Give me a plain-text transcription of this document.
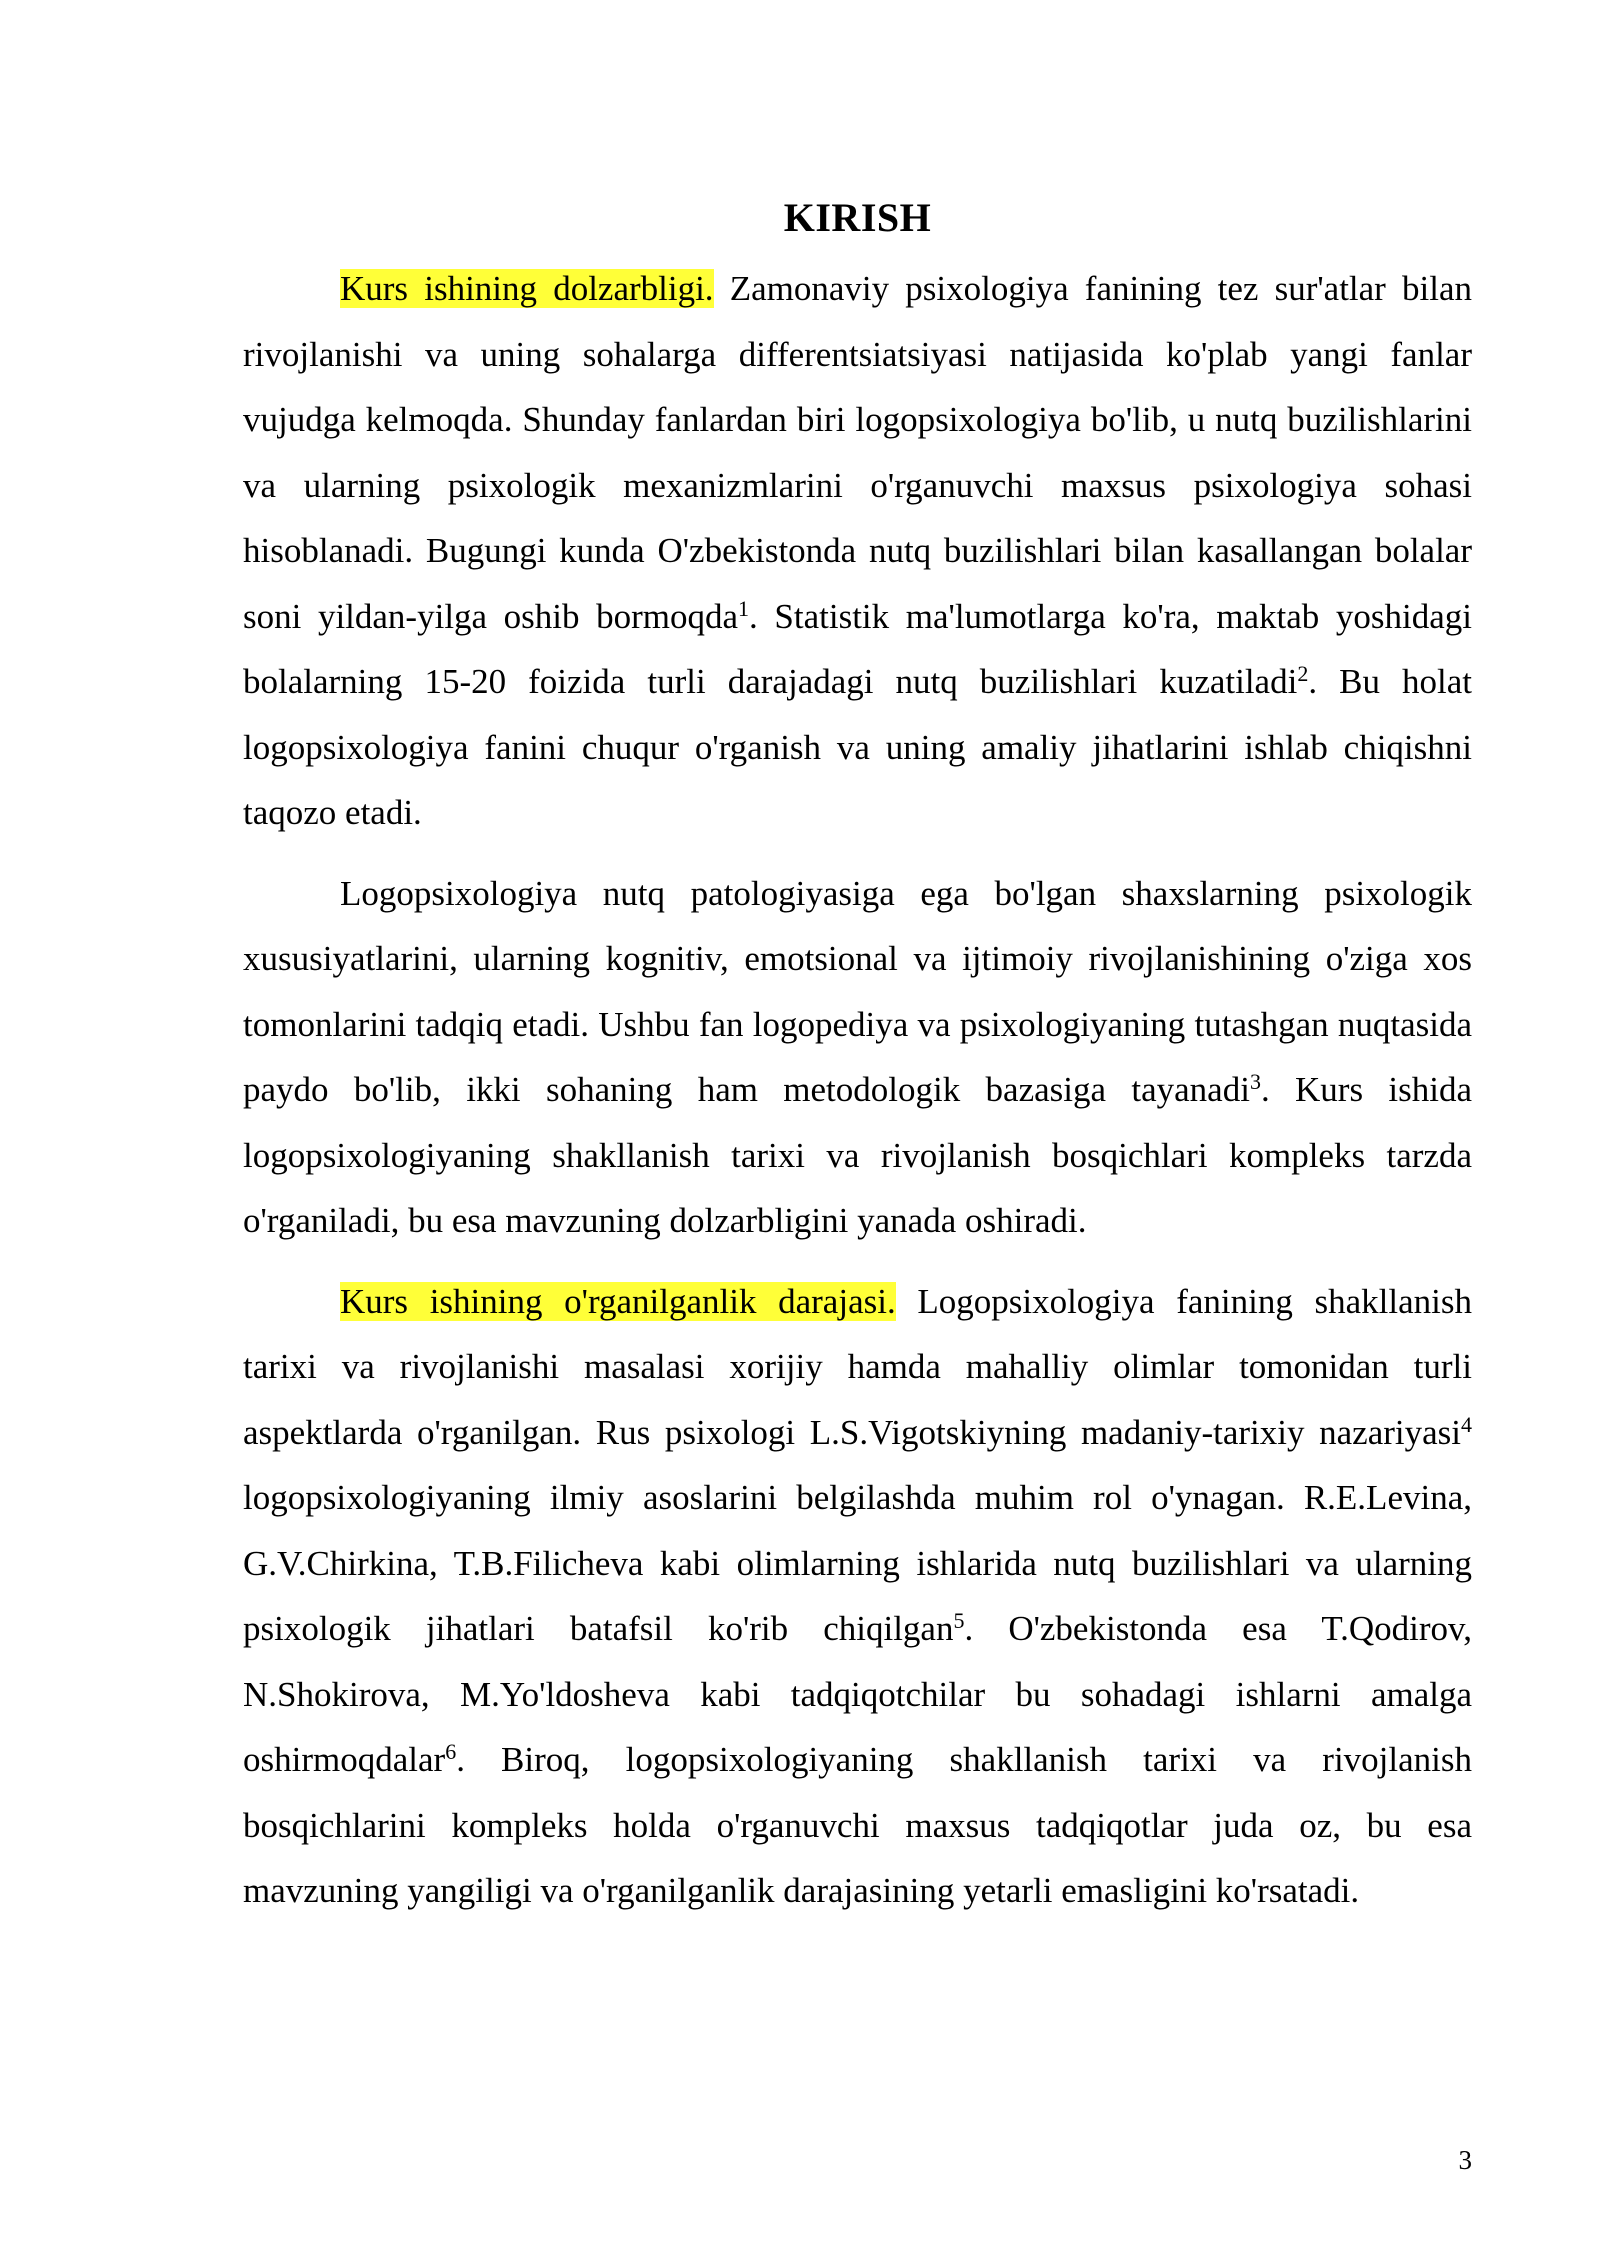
KIRISH

Kurs ishining dolzarbligi. Zamonaviy psixologiya fanining tez sur'atlar bilan rivojlanishi va uning sohalarga differentsiatsiyasi natijasida ko'plab yangi fanlar vujudga kelmoqda. Shunday fanlardan biri logopsixologiya bo'lib, u nutq buzilishlarini va ularning psixologik mexanizmlarini o'rganuvchi maxsus psixologiya sohasi hisoblanadi. Bugungi kunda O'zbekistonda nutq buzilishlari bilan kasallangan bolalar soni yildan-yilga oshib bormoqda$^1$. Statistik ma'lumotlarga ko'ra, maktab yoshidagi bolalarning 15-20 foizida turli darajadagi nutq buzilishlari kuzatiladi$^2$. Bu holat logopsixologiya fanini chuqur o'rganish va uning amaliy jihatlarini ishlab chiqishni taqozo etadi.

Logopsixologiya nutq patologiyasiga ega bo'lgan shaxslarning psixologik xususiyatlarini, ularning kognitiv, emotsional va ijtimoiy rivojlanishining o'ziga xos tomonlarini tadqiq etadi. Ushbu fan logopediya va psixologiyaning tutashgan nuqtasida paydo bo'lib, ikki sohaning ham metodologik bazasiga tayanadi$^3$. Kurs ishida logopsixologiyaning shakllanish tarixi va rivojlanish bosqichlari kompleks tarzda o'rganiladi, bu esa mavzuning dolzarbligini yanada oshiradi.

Kurs ishining o'rganilganlik darajasi. Logopsixologiya fanining shakllanish tarixi va rivojlanishi masalasi xorijiy hamda mahalliy olimlar tomonidan turli aspektlarda o'rganilgan. Rus psixologi L.S.Vigotskiyning madaniy-tarixiy nazariyasi$^4$ logopsixologiyaning ilmiy asoslarini belgilashda muhim rol o'ynagan. R.E.Levina, G.V.Chirkina, T.B.Filicheva kabi olimlarning ishlarida nutq buzilishlari va ularning psixologik jihatlari batafsil ko'rib chiqilgan$^5$. O'zbekistonda esa T.Qodirov, N.Shokirova, M.Yo'ldosheva kabi tadqiqotchilar bu sohadagi ishlarni amalga oshirmoqdalar$^6$. Biroq, logopsixologiyaning shakllanish tarixi va rivojlanish bosqichlarini kompleks holda o'rganuvchi maxsus tadqiqotlar juda oz, bu esa mavzuning yangiligi va o'rganilganlik darajasining yetarli emasligini ko'rsatadi.

3
